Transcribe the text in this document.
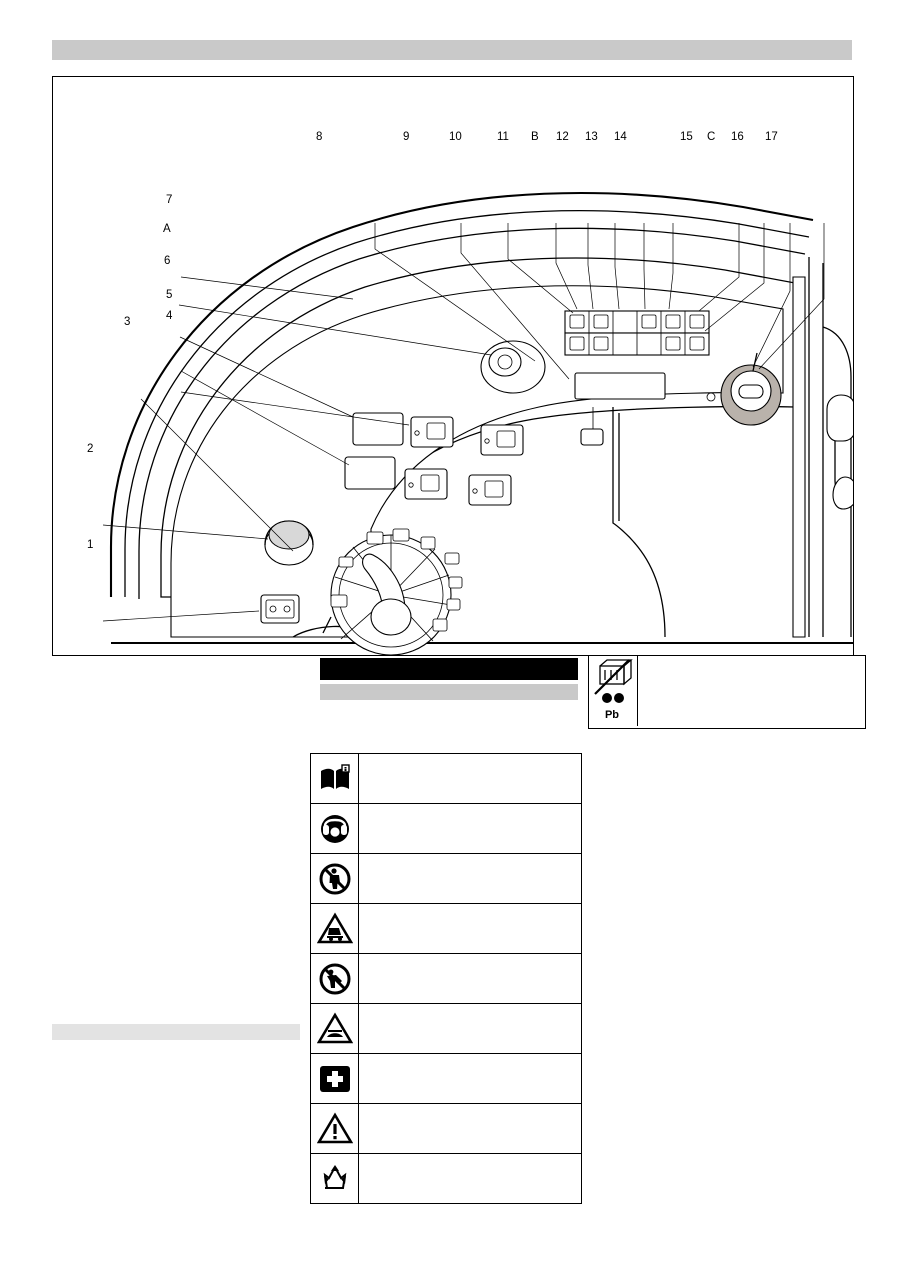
8	9	10	11 B 12 13 14	15 C 16 17
7
A
6
5
4
3
2
1
Pb
